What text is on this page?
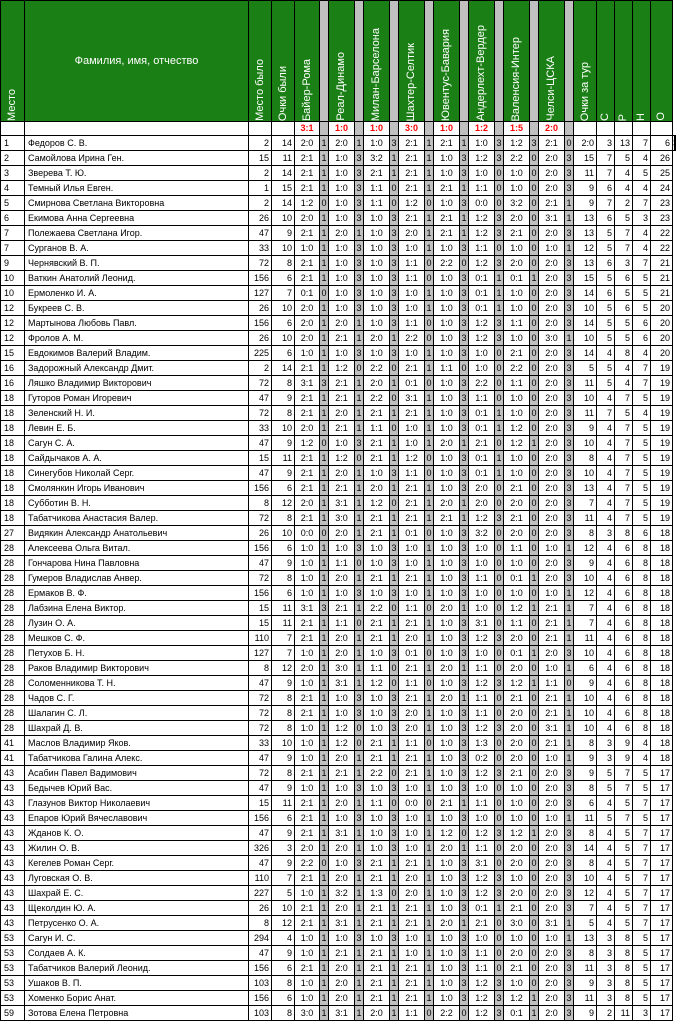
Место	Фамилия, имя, отчество	Место было	Очки были	Байер-Рома		Реал-Динамо		Милан-Барселона		Шахтер-Селтик		Ювентус-Бавария		Андерлехт-Вердер		Валенсия-Интер		Челси-ЦСКА		Очки за тур	С	Р	Н	О		

				3:1		1:0		1:0		3:0		1:0		1:2		1:5		2:0								
1	Федоров С. В.	2	14	2:0	1	2:0	1	1:0	3	2:1	1	2:1	1	1:0	3	1:2	3	2:1	0	2:0	3	13	7	6		
2	Самойлова Ирина Ген.	15	11	2:1	1	1:0	3	3:2	1	2:1	1	1:0	3	1:2	3	2:2	0	2:0	3	15	7	5	4	26		
3	Зверева Т. Ю.	2	14	2:1	1	1:0	3	2:1	1	2:1	1	1:0	3	1:0	0	1:0	0	2:0	3	11	7	4	5	25		
4	Темный Илья Евген.	1	15	2:1	1	1:0	3	1:1	0	2:1	1	2:1	1	1:1	0	1:0	0	2:0	3	9	6	4	4	24		
5	Смирнова Светлана Викторовна	2	14	1:2	0	1:0	3	1:1	0	1:2	0	1:0	3	0:0	0	3:2	0	2:1	1	9	7	2	7	23		
6	Екимова Анна Сергеевна	26	10	2:0	1	1:0	3	1:0	3	2:1	1	2:1	1	1:2	3	2:0	0	3:1	1	13	6	5	3	23		
7	Полежаева Светлана Игор.	47	9	2:1	1	2:0	1	1:0	3	2:0	1	2:1	1	1:2	3	2:1	0	2:0	3	13	5	7	4	22		
7	Сурганов В. А.	33	10	1:0	1	1:0	3	1:0	3	1:0	1	1:0	3	1:1	0	1:0	0	1:0	1	12	5	7	4	22		
9	Чернявский В. П.	72	8	2:1	1	1:0	3	1:0	3	1:1	0	2:2	0	1:2	3	2:0	0	2:0	3	13	6	3	7	21		
10	Ваткин Анатолий Леонид.	156	6	2:1	1	1:0	3	1:0	3	1:1	0	1:0	3	0:1	1	0:1	1	2:0	3	15	5	6	5	21		
10	Ермоленко И. А.	127	7	0:1	0	1:0	3	1:0	3	1:0	1	1:0	3	0:1	1	1:0	0	2:0	3	14	6	5	5	21		
12	Букреев С. В.	26	10	2:0	1	1:0	3	1:0	3	1:0	1	1:0	3	0:1	1	1:0	0	2:0	3	10	5	6	5	20		
12	Мартынова Любовь Павл.	156	6	2:0	1	2:0	1	1:0	3	1:1	0	1:0	3	1:2	3	1:1	0	2:0	3	14	5	5	6	20		
12	Фролов А. М.	26	10	2:0	1	2:1	1	2:0	1	2:2	0	1:0	3	1:2	3	1:0	0	3:0	1	10	5	5	6	20		
15	Евдокимов Валерий Владим.	225	6	1:0	1	1:0	3	1:0	3	1:0	1	1:0	3	1:0	0	2:1	0	2:0	3	14	4	8	4	20		
16	Задорожный Александр Дмит.	2	14	2:1	1	1:2	0	2:2	0	2:1	1	1:1	0	1:0	0	2:2	0	2:0	3	5	5	4	7	19		
16	Ляшко Владимир Викторович	72	8	3:1	3	2:1	1	2:0	1	0:1	0	1:0	3	2:2	0	1:1	0	2:0	3	11	5	4	7	19		
18	Гуторов Роман Игоревич	47	9	2:1	1	2:1	1	2:2	0	3:1	1	1:0	3	1:1	0	1:0	0	2:0	3	10	4	7	5	19		
18	Зеленский Н. И.	72	8	2:1	1	2:0	1	2:1	1	2:1	1	1:0	3	0:1	1	1:0	0	2:0	3	11	7	5	4	19		
18	Левин Е. Б.	33	10	2:0	1	2:1	1	1:1	0	1:0	1	1:0	3	0:1	1	1:2	0	2:0	3	9	4	7	5	19		
18	Сагун С. А.	47	9	1:2	0	1:0	3	2:1	1	1:0	1	2:0	1	2:1	0	1:2	1	2:0	3	10	4	7	5	19		
18	Сайдычаков А. А.	15	11	2:1	1	1:2	0	2:1	1	1:2	0	1:0	3	0:1	1	1:0	0	2:0	3	8	4	7	5	19		
18	Синегубов Николай Серг.	47	9	2:1	1	2:0	1	1:0	3	1:1	0	1:0	3	0:1	1	1:0	0	2:0	3	10	4	7	5	19		
18	Смолянкин Игорь Иванович	156	6	2:1	1	2:1	1	2:0	1	2:1	1	1:0	3	2:0	0	2:1	0	2:0	3	13	4	7	5	19		
18	Субботин В. Н.	8	12	2:0	1	3:1	1	1:2	0	2:1	1	2:0	1	2:0	0	2:0	0	2:0	3	7	4	7	5	19		
18	Табатчикова Анастасия Валер.	72	8	2:1	1	3:0	1	2:1	1	2:1	1	2:1	1	1:2	3	2:1	0	2:0	3	11	4	7	5	19		
27	Видякин Александр Анатольевич	26	10	0:0	0	2:0	1	2:1	1	0:1	0	1:0	3	3:2	0	2:0	0	2:0	3	8	3	8	6	18		
28	Алексеева Ольга Витал.	156	6	1:0	1	1:0	3	1:0	3	1:0	1	1:0	3	1:0	0	1:1	0	1:0	1	12	4	6	8	18		
28	Гончарова Нина Павловна	47	9	1:0	1	1:1	0	1:0	3	1:0	1	1:0	3	1:0	0	1:0	0	2:0	3	9	4	6	8	18		
28	Гумеров Владислав Анвер.	72	8	1:0	1	2:0	1	2:1	1	2:1	1	1:0	3	1:1	0	0:1	1	2:0	3	10	4	6	8	18		
28	Ермаков В. Ф.	156	6	1:0	1	1:0	3	1:0	3	1:0	1	1:0	3	1:0	0	1:0	0	1:0	1	12	4	6	8	18		
28	Лабзина Елена Виктор.	15	11	3:1	3	2:1	1	2:2	0	1:1	0	2:0	1	1:0	0	1:2	1	2:1	1	7	4	6	8	18		
28	Лузин О. А.	15	11	2:1	1	1:1	0	2:1	1	2:1	1	1:0	3	3:1	0	1:1	0	2:1	1	7	4	6	8	18		
28	Мешков С. Ф.	110	7	2:1	1	2:0	1	2:1	1	2:0	1	1:0	3	1:2	3	2:0	0	2:1	1	11	4	6	8	18		
28	Петухов Б. Н.	127	7	1:0	1	2:0	1	1:0	3	0:1	0	1:0	3	1:0	0	0:1	1	2:0	3	10	4	6	8	18		
28	Раков Владимир Викторович	8	12	2:0	1	3:0	1	1:1	0	2:1	1	2:0	1	1:1	0	2:0	0	1:0	1	6	4	6	8	18		
28	Соломенникова Т. Н.	47	9	1:0	1	3:1	1	1:2	0	1:1	0	1:0	3	1:2	3	1:2	1	1:1	0	9	4	6	8	18		
28	Чадов С. Г.	72	8	2:1	1	1:0	3	1:0	3	2:1	1	2:0	1	1:1	0	2:1	0	2:1	1	10	4	6	8	18		
28	Шалагин С. Л.	72	8	2:1	1	1:0	3	1:0	3	2:0	1	1:0	3	1:1	0	2:0	0	2:1	1	10	4	6	8	18		
28	Шахрай Д. В.	72	8	1:0	1	1:2	0	1:0	3	2:0	1	1:0	3	1:2	3	2:0	0	3:1	1	10	4	6	8	18		
41	Маслов Владимир Яков.	33	10	1:0	1	1:2	0	2:1	1	1:1	0	1:0	3	1:3	0	2:0	0	2:1	1	8	3	9	4	18		
41	Табатчикова Галина Алекс.	47	9	1:0	1	2:0	1	2:1	1	2:1	1	1:0	3	0:2	0	2:0	0	1:0	1	9	3	9	4	18		
43	Асабин Павел Вадимович	72	8	2:1	1	2:1	1	2:2	0	2:1	1	1:0	3	1:2	3	2:1	0	2:0	3	9	5	7	5	17		
43	Бедычев Юрий Вас.	47	9	1:0	1	1:0	3	1:0	3	1:0	1	1:0	3	1:0	0	1:0	0	2:0	3	8	5	7	5	17		
43	Глазунов Виктор Николаевич	15	11	2:1	1	2:0	1	1:1	0	0:0	0	2:1	1	1:1	0	1:0	0	2:0	3	6	4	5	7	17		
43	Епаров Юрий Вячеславович	156	6	2:1	1	1:0	3	1:0	3	1:0	1	1:0	3	1:0	0	1:0	0	1:0	1	11	5	7	5	17		
43	Жданов К. О.	47	9	2:1	1	3:1	1	1:0	3	1:0	1	1:2	0	1:2	3	1:2	1	2:0	3	8	4	5	7	17		
43	Жилин О. В.	326	3	2:0	1	2:0	1	1:0	3	1:0	1	2:0	1	1:1	0	2:0	0	2:0	3	14	4	5	7	17		
43	Кегелев Роман Серг.	47	9	2:2	0	1:0	3	2:1	1	2:1	1	1:0	3	3:1	0	2:0	0	2:0	3	8	4	5	7	17		
43	Луговская О. В.	110	7	2:1	1	2:0	1	2:1	1	2:0	1	1:0	3	1:2	3	1:0	0	2:0	3	10	4	5	7	17		
43	Шахрай Е. С.	227	5	1:0	1	3:2	1	1:3	0	2:0	1	1:0	3	1:2	3	2:0	0	2:0	3	12	4	5	7	17		
43	Щеколдин Ю. А.	26	10	2:1	1	2:0	1	2:1	1	2:1	1	1:0	3	0:1	1	2:1	0	2:0	3	7	4	5	7	17		
43	Петрусенко О. А.	8	12	2:1	1	3:1	1	2:1	1	2:1	1	2:0	1	2:1	0	3:0	0	3:1	1	5	4	5	7	17		
53	Сагун И. С.	294	4	1:0	1	1:0	3	1:0	3	1:0	1	1:0	3	1:0	0	1:0	0	1:0	1	13	3	8	5	17		
53	Солдаев А. К.	47	9	1:0	1	2:1	1	2:1	1	1:0	1	1:0	3	1:1	0	2:0	0	2:0	3	8	3	8	5	17		
53	Табатчиков Валерий Леонид.	156	6	2:1	1	2:0	1	2:1	1	2:1	1	1:0	3	1:1	0	2:1	0	2:0	3	11	3	8	5	17		
53	Ушаков В. П.	103	8	1:0	1	2:0	1	2:1	1	2:1	1	1:0	3	1:2	3	1:0	0	2:0	3	9	3	8	5	17		
53	Хоменко Борис Анат.	156	6	1:0	1	2:0	1	2:1	1	2:1	1	1:0	3	1:2	3	1:2	1	2:0	3	11	3	8	5	17		
59	Зотова Елена Петровна	103	8	3:0	1	3:1	1	2:0	1	1:1	0	2:2	0	1:2	3	0:1	1	2:0	3	9	2	11	3	17		
